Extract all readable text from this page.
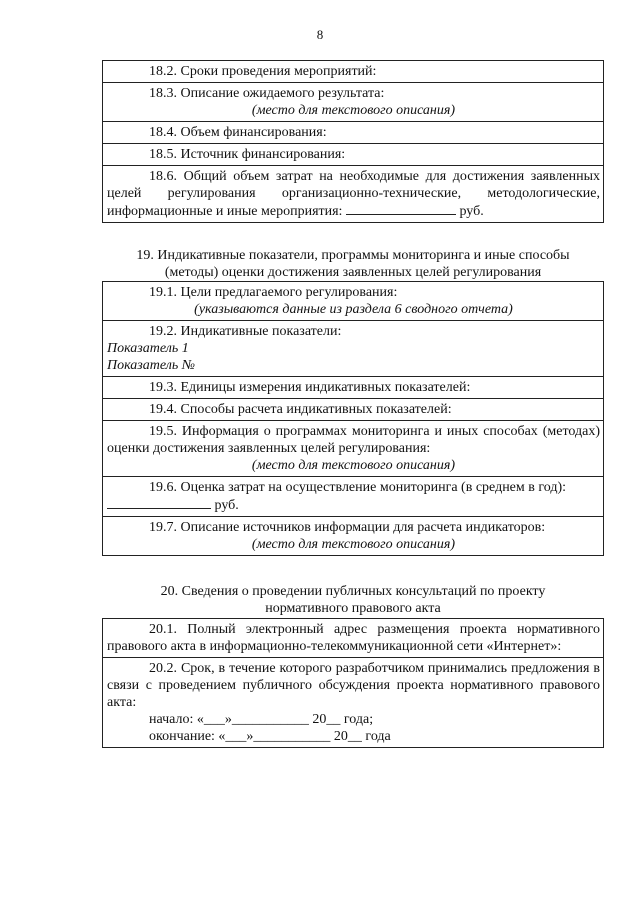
8
18.2. Сроки проведения мероприятий:
18.3. Описание ожидаемого результата:
(место для текстового описания)
18.4. Объем финансирования:
18.5. Источник финансирования:
18.6. Общий объем затрат на необходимые для достижения заявленных целей регулирования организационно-технические, методологические, информационные и иные мероприятия:	руб.
19. Индикативные показатели, программы мониторинга и иные способы
(методы) оценки достижения заявленных целей регулирования
19.1. Цели предлагаемого регулирования:
(указываются данные из раздела 6 сводного отчета)
19.2. Индикативные показатели:
Показатель 1
Показатель №
19.3. Единицы измерения индикативных показателей:
19.4. Способы расчета индикативных показателей:
19.5. Информация о программах мониторинга и иных способах (методах) оценки достижения заявленных целей регулирования:
(место для текстового описания)
19.6. Оценка затрат на осуществление мониторинга (в среднем в год):
руб.
19.7. Описание источников информации для расчета индикаторов:
(место для текстового описания)
20. Сведения о проведении публичных консультаций по проекту
нормативного правового акта
20.1. Полный электронный адрес размещения проекта нормативного правового акта в информационно-телекоммуникационной сети «Интернет»:
20.2. Срок, в течение которого разработчиком принимались предложения в связи с проведением публичного обсуждения проекта нормативного правового акта:
начало: «___»___________ 20__ года;
окончание: «___»___________ 20__ года
